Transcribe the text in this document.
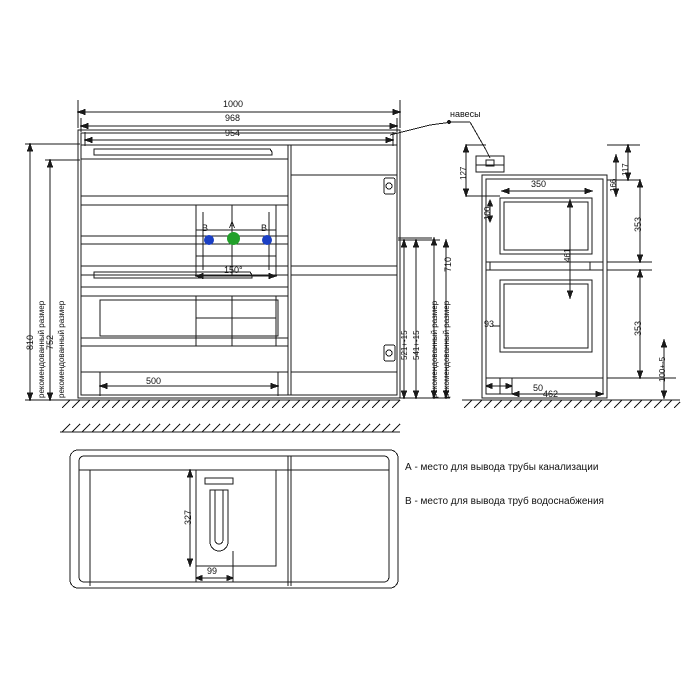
1000
968
954
500
150°
810 752
рекомендованный размер рекомендованный размер	521+-15 541+-15 рекомендованный размер рекомендованный размер
710
B A	B
навесы
127
100
117
166
350
461
353
353
93
50
462
100+-5
327
99
А - место для вывода трубы канализации
В - место для вывода труб водоснабжения
